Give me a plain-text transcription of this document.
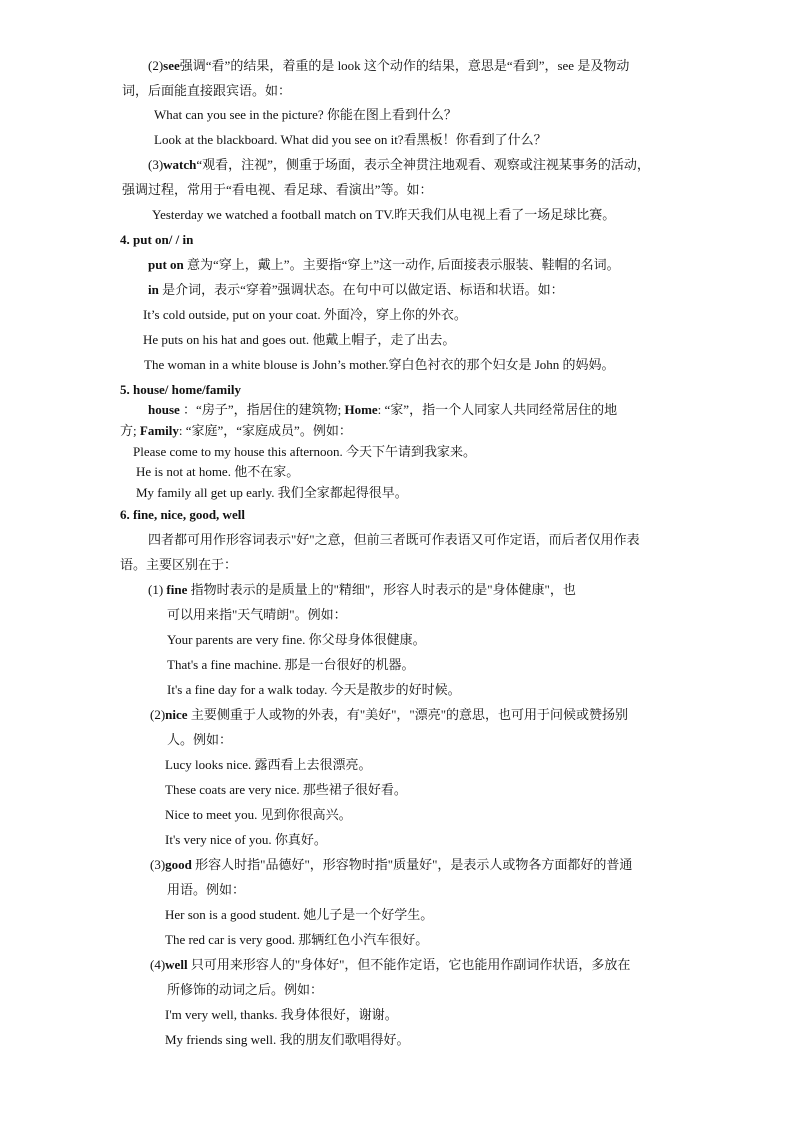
(2)see强调“看”的结果，着重的是 look 这个动作的结果，意思是“看到”，see 是及物动
词，后面能直接跟宾语。如：
What can you see in the picture? 你能在图上看到什么？
Look at the blackboard. What did you see on it?看黑板！你看到了什么？
(3)watch“观看，注视”，侧重于场面，表示全神贯注地观看、观察或注视某事务的活动，
强调过程，常用于“看电视、看足球、看演出”等。如：
Yesterday we watched a football match on TV.昨天我们从电视上看了一场足球比赛。
4. put on/ / in
put on 意为“穿上，戴上”。主要指“穿上”这一动作, 后面接表示服装、鞋帽的名词。
in 是介词，表示“穿着”强调状态。在句中可以做定语、标语和状语。如：
It’s cold outside, put on your coat. 外面冷，穿上你的外衣。
He puts on his hat and goes out. 他戴上帽子，走了出去。
The woman in a white blouse is John’s mother.穿白色衬衣的那个妇女是 John 的妈妈。
5. house/ home/family
house ：“房子”，指居住的建筑物; Home: “家”，指一个人同家人共同经常居住的地
方; Family: “家庭”，“家庭成员”。例如：
Please come to my house this afternoon. 今天下午请到我家来。
He is not at home. 他不在家。
My family all get up early. 我们全家都起得很早。
6. fine, nice, good, well
四者都可用作形容词表示"好"之意，但前三者既可作表语又可作定语，而后者仅用作表
语。主要区别在于：
(1) fine 指物时表示的是质量上的"精细"，形容人时表示的是"身体健康"，也
可以用来指"天气晴朗"。例如：
Your parents are very fine. 你父母身体很健康。
That's a fine machine. 那是一台很好的机器。
It's a fine day for a walk today. 今天是散步的好时候。
(2)nice 主要侧重于人或物的外表，有"美好"，"漂亮"的意思，也可用于问候或赞扬别
人。例如：
Lucy looks nice. 露西看上去很漂亮。
These coats are very nice. 那些裙子很好看。
Nice to meet you. 见到你很高兴。
It's very nice of you. 你真好。
(3)good 形容人时指"品德好"，形容物时指"质量好"，是表示人或物各方面都好的普通
用语。例如：
Her son is a good student. 她儿子是一个好学生。
The red car is very good. 那辆红色小汽车很好。
(4)well 只可用来形容人的"身体好"，但不能作定语，它也能用作副词作状语，多放在
所修饰的动词之后。例如：
I'm very well, thanks. 我身体很好，谢谢。
My friends sing well. 我的朋友们歌唱得好。
